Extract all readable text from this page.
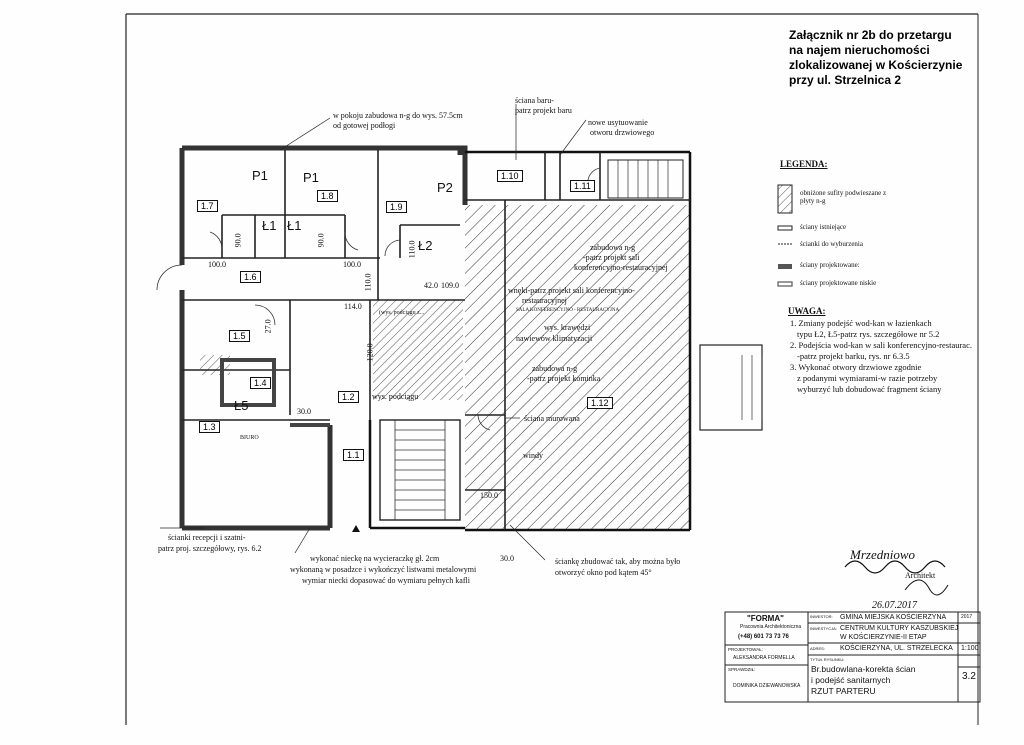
Załącznik nr 2b do przetargu
na najem nieruchomości
zlokalizowanej w Kościerzynie
przy ul. Strzelnica 2
P1	P1
P2
1.7
1.8
1.9
Ł1 Ł1
Ł2
1.6
1.5
1.4
Ł5
1.3
1.2
1.1
1.10
1.11
1.12
BIURO
90.0	90.0
100.0	100.0
110.0
110.0	42.0 109.0
114.0
120.0
27.0
30.0
150.0
30.0
w pokoju zabudowa n-g do wys. 57.5cm
od gotowej podłogi
ściana baru-
patrz projekt baru
nowe usytuowanie
otworu drzwiowego
zabudowa n-g
-patrz projekt sali
konferencyjno-restauracyjnej
wnęki-patrz projekt sali konferencyjno-
restauracyjnej
SALA KONFERENCYJNO - RESTAURACYJNA
(wys. podciągu z...
wys. krawędzi
nawiewów klimatyzacji
zabudowa n-g
-patrz projekt kominka
wys. podciągu
ściana murowana
windy
ścianki recepcji i szatni-
patrz proj. szczegółowy, rys. 6.2
wykonać nieckę na wycieraczkę gł. 2cm
wykonaną w posadzce i wykończyć listwami metalowymi
wymiar niecki dopasować do wymiaru pełnych kafli
ściankę zbudować tak, aby można było
otworzyć okno pod kątem 45°
LEGENDA:
obniżone sufity podwieszane z płyty n-g
ściany istniejące
ścianki do wyburzenia
ściany projektowane:
ściany projektowane niskie
UWAGA:
1. Zmiany podejść wod-kan w łazienkach
typu Ł2, Ł5-patrz rys. szczegółowe nr 5.2
2. Podejścia wod-kan w sali konferencyjno-restaurac.
-patrz projekt barku, rys. nr 6.3.5
3. Wykonać otwory drzwiowe zgodnie
z podanymi wymiarami-w razie potrzeby
wyburzyć lub dobudować fragment ściany
Mrzedniowo
Architekt
26.07.2017
"FORMA"
Pracownia Architektoniczna
(+48) 601 73 73 76
PROJEKTOWAŁ:
ALEKSANDRA FORMELLA
SPRAWDZIŁ:
DOMINIKA DZIEWANOWSKA
INWESTOR: GMINA MIEJSKA KOŚCIERZYNA
INWESTYCJA: CENTRUM KULTURY KASZUBSKIEJ
W KOŚCIERZYNIE-II ETAP
ADRES: KOŚCIERZYNA, UL. STRZELECKA
TYTUŁ RYSUNKU:
Br.budowlana-korekta ścian
i podejść sanitarnych
RZUT PARTERU
2017
1:100
3.2
